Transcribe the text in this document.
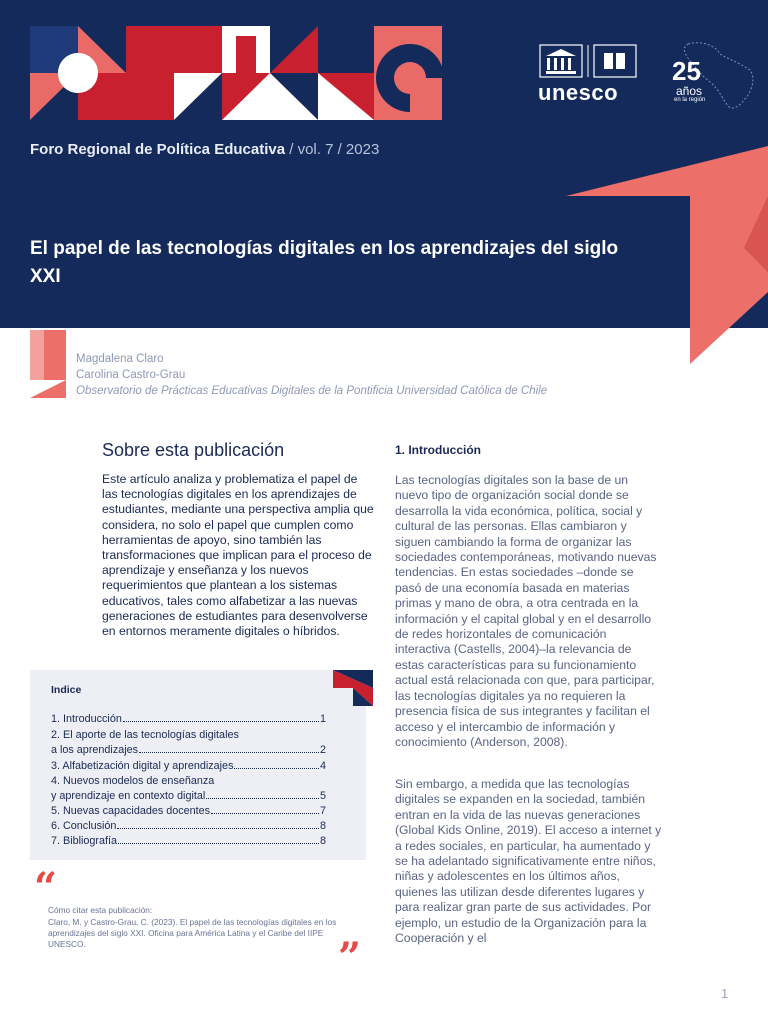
unesco
25
años
en la región
Foro Regional de Política Educativa / vol. 7 / 2023
El papel de las tecnologías digitales en los aprendizajes del siglo XXI
Magdalena Claro
Carolina Castro-Grau
Observatorio de Prácticas Educativas Digitales de la Pontificia Universidad Católica de Chile
Sobre esta publicación

Este artículo analiza y problematiza el papel de las tecnologías digitales en los aprendizajes de estudiantes, mediante una perspectiva amplia que considera, no solo el papel que cumplen como herramientas de apoyo, sino también las transformaciones que implican para el proceso de aprendizaje y enseñanza y los nuevos requerimientos que plantean a los sistemas educativos, tales como alfabetizar a las nuevas generaciones de estudiantes para desenvolverse en entornos meramente digitales o híbridos.

Indice
1. Introducción	1
2. El aporte de las tecnologías digitales
a los aprendizajes	2
3. Alfabetización digital y aprendizajes	4
4. Nuevos modelos de enseñanza
y aprendizaje en contexto digital	5
5. Nuevas capacidades docentes	7
6. Conclusión	8
7. Bibliografía	8
“
Cómo citar esta publicación:

Claro, M. y Castro-Grau, C. (2023). El papel de las tecnologías digitales en los aprendizajes del siglo XXI. Oficina para América Latina y el Caribe del IIPE UNESCO.	”
1. Introducción

Las tecnologías digitales son la base de un nuevo tipo de organización social donde se desarrolla la vida económica, política, social y cultural de las personas. Ellas cambiaron y siguen cambiando la forma de organizar las sociedades contemporáneas, motivando nuevas tendencias. En estas sociedades –donde se pasó de una economía basada en materias primas y mano de obra, a otra centrada en la información y el capital global y en el desarrollo de redes horizontales de comunicación interactiva (Castells, 2004)–la relevancia de estas características para su funcionamiento actual está relacionada con que, para participar, las tecnologías digitales ya no requieren la presencia física de sus integrantes y facilitan el acceso y el intercambio de información y conocimiento (Anderson, 2008).

Sin embargo, a medida que las tecnologías digitales se expanden en la sociedad, también entran en la vida de las nuevas generaciones (Global Kids Online, 2019). El acceso a internet y a redes sociales, en particular, ha aumentado y se ha adelantado significativamente entre niños, niñas y adolescentes en los últimos años, quienes las utilizan desde diferentes lugares y para realizar gran parte de sus actividades. Por ejemplo, un estudio de la Organización para la Cooperación y el

1
